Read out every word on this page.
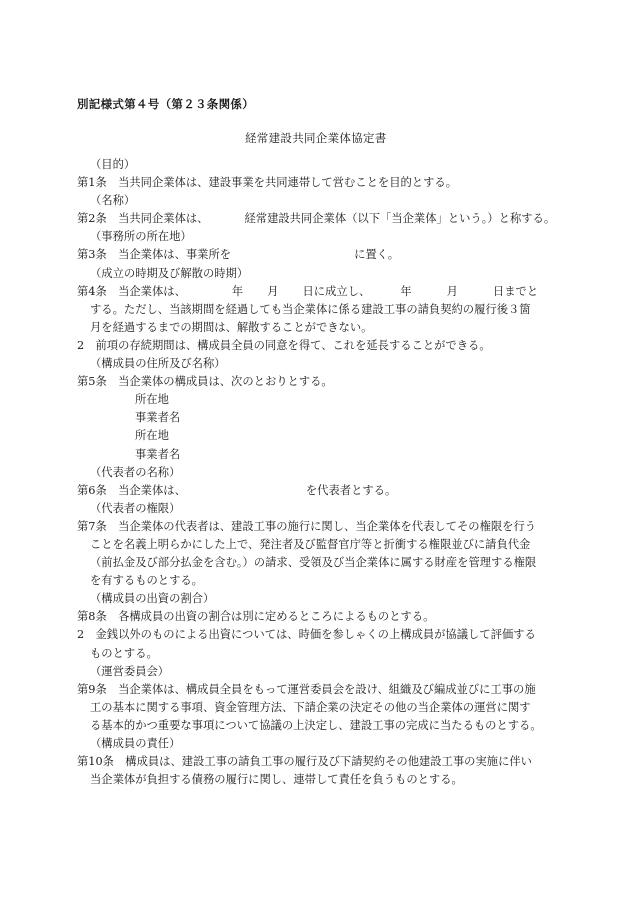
別記様式第４号（第２３条関係）
経常建設共同企業体協定書
（目的）
第1条　当共同企業体は、建設事業を共同連帯して営むことを目的とする。
（名称）
第2条　当共同企業体は、	経常建設共同企業体（以下「当企業体」という。）と称する。
（事務所の所在地）
第3条　当企業体は、事業所を	に置く。
（成立の時期及び解散の時期）
第4条　当企業体は、	年 月 日に成立し、	年	月	日までと
する。ただし、当該期間を経過しても当企業体に係る建設工事の請負契約の履行後３箇
月を経過するまでの期間は、解散することができない。
2　前項の存続期間は、構成員全員の同意を得て、これを延長することができる。
（構成員の住所及び名称）
第5条　当企業体の構成員は、次のとおりとする。
所在地
事業者名
所在地
事業者名
（代表者の名称）
第6条　当企業体は、	を代表者とする。
（代表者の権限）
第7条　当企業体の代表者は、建設工事の施行に関し、当企業体を代表してその権限を行う
ことを名義上明らかにした上で、発注者及び監督官庁等と折衝する権限並びに請負代金
（前払金及び部分払金を含む。）の請求、受領及び当企業体に属する財産を管理する権限
を有するものとする。
（構成員の出資の割合）
第8条　各構成員の出資の割合は別に定めるところによるものとする。
2　金銭以外のものによる出資については、時価を参しゃくの上構成員が協議して評価する
ものとする。
（運営委員会）
第9条　当企業体は、構成員全員をもって運営委員会を設け、組織及び編成並びに工事の施
工の基本に関する事項、資金管理方法、下請企業の決定その他の当企業体の運営に関す
る基本的かつ重要な事項について協議の上決定し、建設工事の完成に当たるものとする。
（構成員の責任）
第10条　構成員は、建設工事の請負工事の履行及び下請契約その他建設工事の実施に伴い
当企業体が負担する債務の履行に関し、連帯して責任を負うものとする。
